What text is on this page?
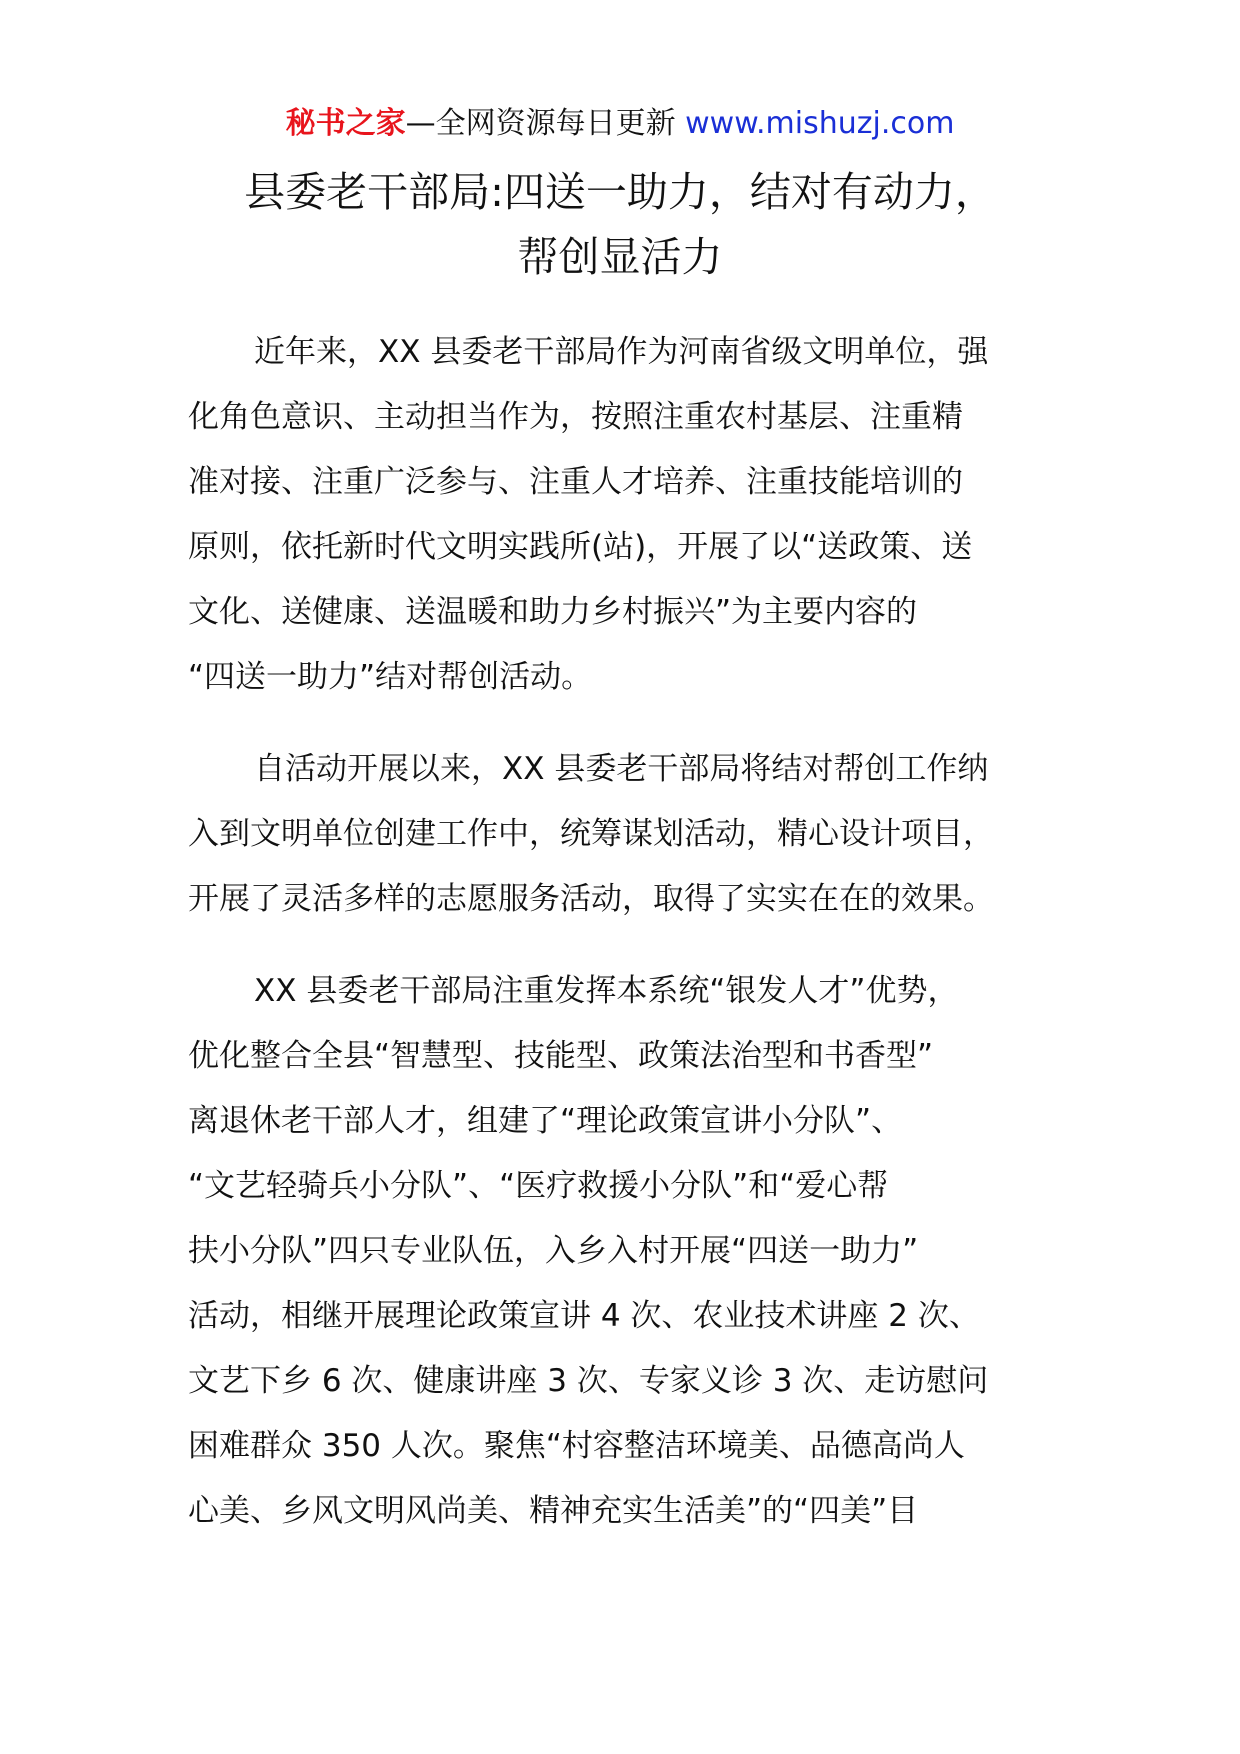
秘书之家—全网资源每日更新 www.mishuzj.com
县委老干部局:四送一助力，结对有动力，
帮创显活力
近年来，XX 县委老干部局作为河南省级文明单位，强
化角色意识、主动担当作为，按照注重农村基层、注重精
准对接、注重广泛参与、注重人才培养、注重技能培训的
原则，依托新时代文明实践所(站)，开展了以“送政策、送
文化、送健康、送温暖和助力乡村振兴”为主要内容的
“四送一助力”结对帮创活动。
自活动开展以来，XX 县委老干部局将结对帮创工作纳
入到文明单位创建工作中，统筹谋划活动，精心设计项目，
开展了灵活多样的志愿服务活动，取得了实实在在的效果。
XX 县委老干部局注重发挥本系统“银发人才”优势，
优化整合全县“智慧型、技能型、政策法治型和书香型”
离退休老干部人才，组建了“理论政策宣讲小分队”、
“文艺轻骑兵小分队”、“医疗救援小分队”和“爱心帮
扶小分队”四只专业队伍，入乡入村开展“四送一助力”
活动，相继开展理论政策宣讲 4 次、农业技术讲座 2 次、
文艺下乡 6 次、健康讲座 3 次、专家义诊 3 次、走访慰问
困难群众 350 人次。聚焦“村容整洁环境美、品德高尚人
心美、乡风文明风尚美、精神充实生活美”的“四美”目
